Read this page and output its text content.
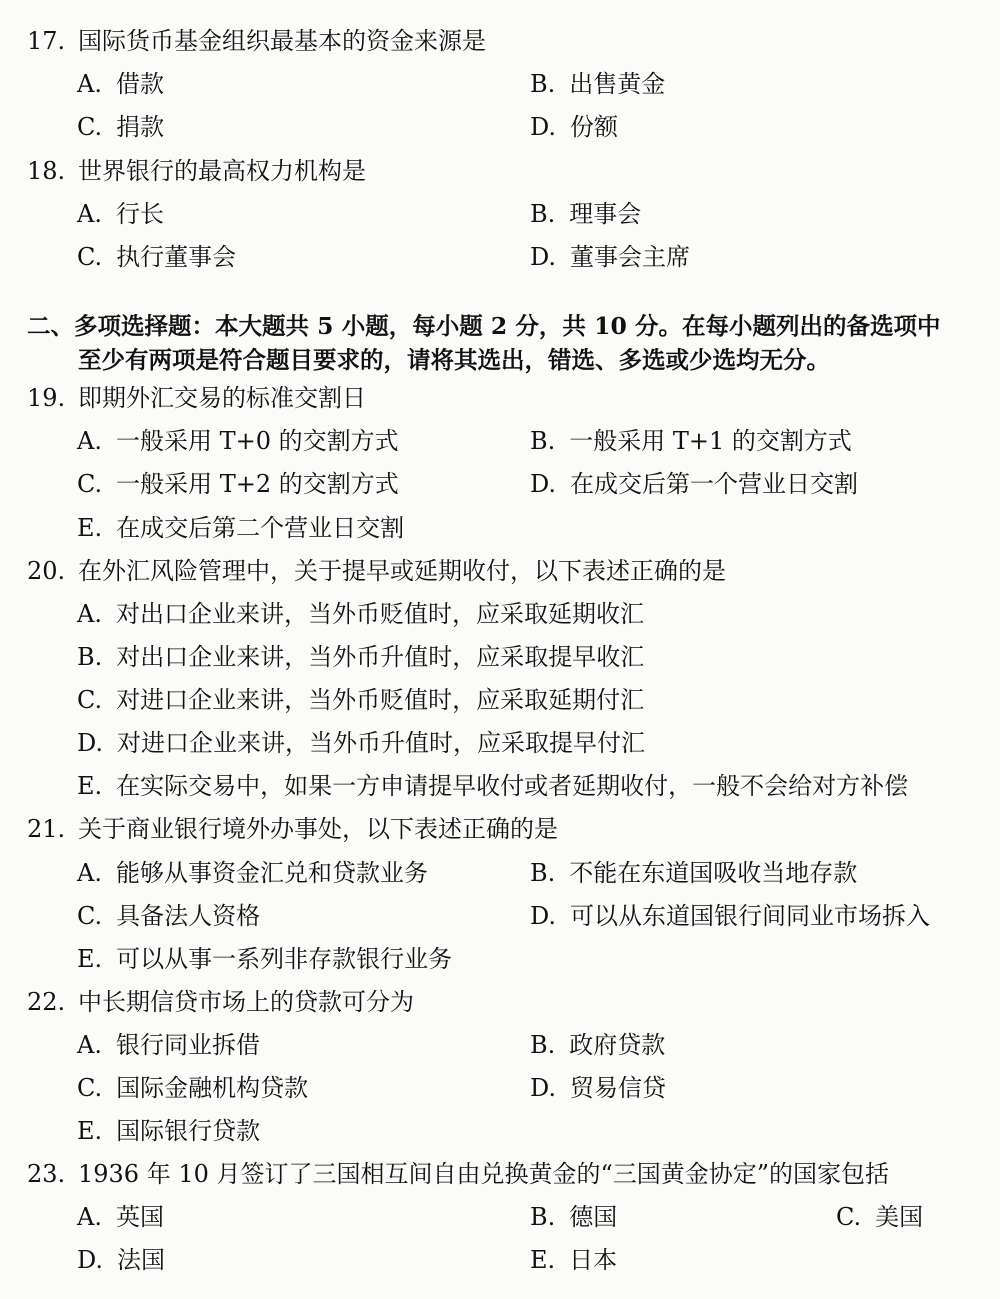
17. 国际货币基金组织最基本的资金来源是
A. 借款	B. 出售黄金
C. 捐款	D. 份额
18. 世界银行的最高权力机构是
A. 行长	B. 理事会
C. 执行董事会	D. 董事会主席
二、多项选择题：本大题共 5 小题，每小题 2 分，共 10 分。在每小题列出的备选项中
至少有两项是符合题目要求的，请将其选出，错选、多选或少选均无分。
19. 即期外汇交易的标准交割日
A. 一般采用 T+0 的交割方式	B. 一般采用 T+1 的交割方式
C. 一般采用 T+2 的交割方式	D. 在成交后第一个营业日交割
E. 在成交后第二个营业日交割
20. 在外汇风险管理中，关于提早或延期收付，以下表述正确的是
A. 对出口企业来讲，当外币贬值时，应采取延期收汇
B. 对出口企业来讲，当外币升值时，应采取提早收汇
C. 对进口企业来讲，当外币贬值时，应采取延期付汇
D. 对进口企业来讲，当外币升值时，应采取提早付汇
E. 在实际交易中，如果一方申请提早收付或者延期收付，一般不会给对方补偿
21. 关于商业银行境外办事处，以下表述正确的是
A. 能够从事资金汇兑和贷款业务	B. 不能在东道国吸收当地存款
C. 具备法人资格	D. 可以从东道国银行间同业市场拆入
E. 可以从事一系列非存款银行业务
22. 中长期信贷市场上的贷款可分为
A. 银行同业拆借	B. 政府贷款
C. 国际金融机构贷款	D. 贸易信贷
E. 国际银行贷款
23. 1936 年 10 月签订了三国相互间自由兑换黄金的“三国黄金协定”的国家包括
A. 英国	B. 德国	C. 美国
D. 法国	E. 日本
